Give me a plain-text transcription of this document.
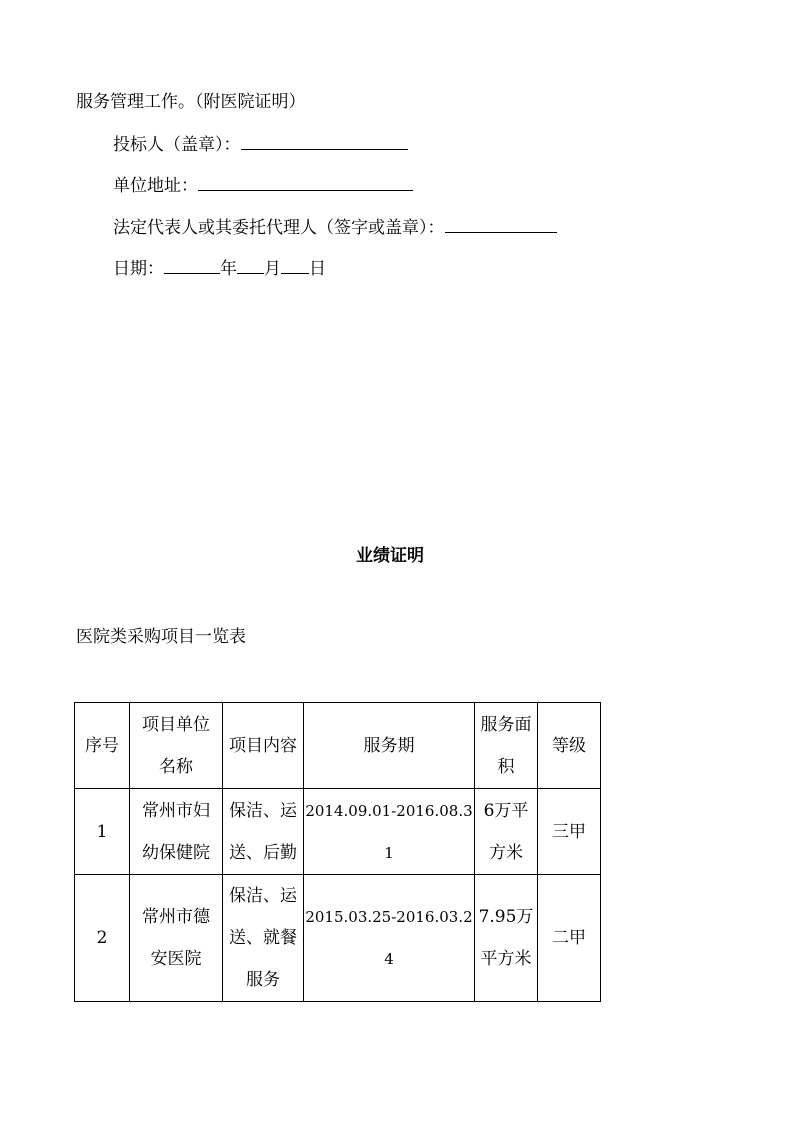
服务管理工作。（附医院证明）
投标人（盖章）：
单位地址：
法定代表人或其委托代理人（签字或盖章）：
日期：	年 月 日
业绩证明
医院类采购项目一览表
序号	项目单位名称	项目内容	服务期	服务面积	等级

1	常州市妇幼保健院	保洁、运送、后勤	2014.09.01-2016.08.31	6万平方米	三甲

2	常州市德安医院	保洁、运送、就餐服务	2015.03.25-2016.03.24	7.95万平方米	二甲
